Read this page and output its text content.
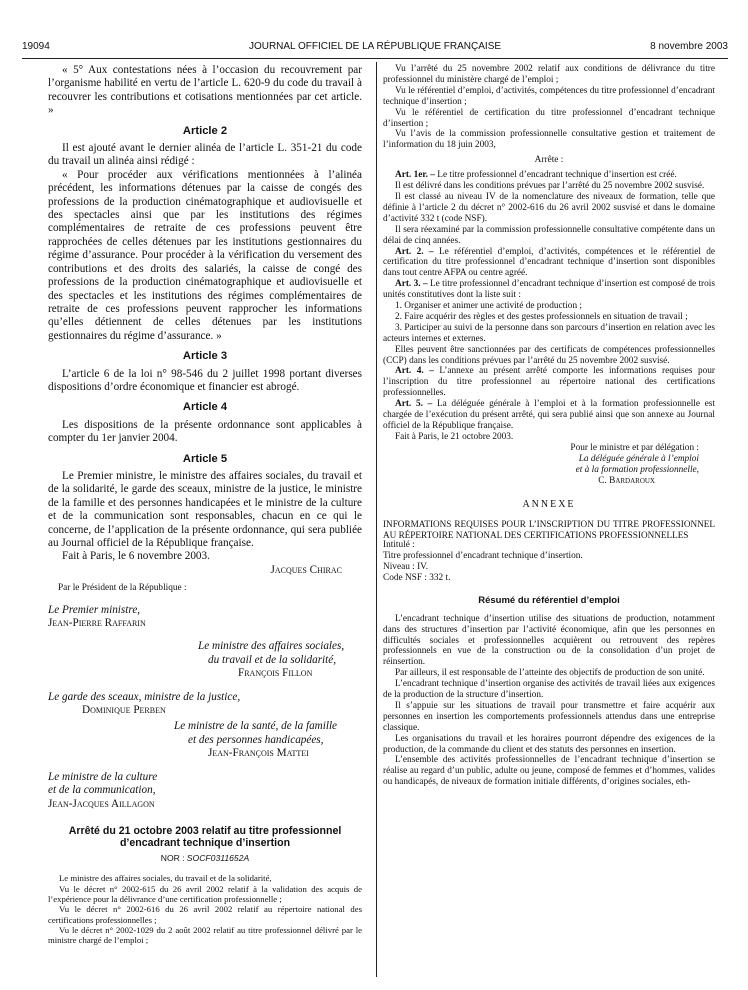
19094	JOURNAL OFFICIEL DE LA RÉPUBLIQUE FRANÇAISE	8 novembre 2003

« 5° Aux contestations nées à l’occasion du recouvrement par l’organisme habilité en vertu de l’article L. 620-9 du code du travail à recouvrer les contributions et cotisations mentionnées par cet article. »

Article 2

Il est ajouté avant le dernier alinéa de l’article L. 351-21 du code du travail un alinéa ainsi rédigé :

« Pour procéder aux vérifications mentionnées à l’alinéa précédent, les informations détenues par la caisse de congés des professions de la production cinématographique et audiovisuelle et des spectacles ainsi que par les institutions des régimes complémentaires de retraite de ces professions peuvent être rapprochées de celles détenues par les institutions gestionnaires du régime d’assurance. Pour procéder à la vérification du versement des contributions et des droits des salariés, la caisse de congé des professions de la production cinématographique et audiovisuelle et des spectacles et les institutions des régimes complémentaires de retraite de ces professions peuvent rapprocher les informations qu’elles détiennent de celles détenues par les institutions gestionnaires du régime d’assurance. »

Article 3

L’article 6 de la loi n° 98-546 du 2 juillet 1998 portant diverses dispositions d’ordre économique et financier est abrogé.

Article 4

Les dispositions de la présente ordonnance sont applicables à compter du 1er janvier 2004.

Article 5

Le Premier ministre, le ministre des affaires sociales, du travail et de la solidarité, le garde des sceaux, ministre de la justice, le ministre de la famille et des personnes handicapées et le ministre de la culture et de la communication sont responsables, chacun en ce qui le concerne, de l’application de la présente ordonnance, qui sera publiée au Journal officiel de la République française.

Fait à Paris, le 6 novembre 2003.

Jacques Chirac
Par le Président de la République :
Le Premier ministre,
Jean-Pierre Raffarin
Le ministre des affaires sociales,
du travail et de la solidarité,
François Fillon
Le garde des sceaux, ministre de la justice,
Dominique Perben
Le ministre de la santé, de la famille
et des personnes handicapées,
Jean-François Mattei
Le ministre de la culture
et de la communication,
Jean-Jacques Aillagon
Arrêté du 21 octobre 2003 relatif au titre professionnel d’encadrant technique d’insertion
NOR : SOCF0311652A

Le ministre des affaires sociales, du travail et de la solidarité,

Vu le décret n° 2002-615 du 26 avril 2002 relatif à la validation des acquis de l’expérience pour la délivrance d’une certification professionnelle ;

Vu le décret n° 2002-616 du 26 avril 2002 relatif au répertoire national des certifications professionnelles ;

Vu le décret n° 2002-1029 du 2 août 2002 relatif au titre professionnel délivré par le ministre chargé de l’emploi ;

Vu l’arrêté du 25 novembre 2002 relatif aux conditions de délivrance du titre professionnel du ministère chargé de l’emploi ;

Vu le référentiel d’emploi, d’activités, compétences du titre professionnel d’encadrant technique d’insertion ;

Vu le référentiel de certification du titre professionnel d’encadrant technique d’insertion ;

Vu l’avis de la commission professionnelle consultative gestion et traitement de l’information du 18 juin 2003,

Arrête :

Art. 1er. – Le titre professionnel d’encadrant technique d’insertion est créé.

Il est délivré dans les conditions prévues par l’arrêté du 25 novembre 2002 susvisé.

Il est classé au niveau IV de la nomenclature des niveaux de formation, telle que définie à l’article 2 du décret n° 2002-616 du 26 avril 2002 susvisé et dans le domaine d’activité 332 t (code NSF).

Il sera réexaminé par la commission professionnelle consultative compétente dans un délai de cinq années.

Art. 2. – Le référentiel d’emploi, d’activités, compétences et le référentiel de certification du titre professionnel d’encadrant technique d’insertion sont disponibles dans tout centre AFPA ou centre agréé.

Art. 3. – Le titre professionnel d’encadrant technique d’insertion est composé de trois unités constitutives dont la liste suit :

1. Organiser et animer une activité de production ;

2. Faire acquérir des règles et des gestes professionnels en situation de travail ;

3. Participer au suivi de la personne dans son parcours d’insertion en relation avec les acteurs internes et externes.

Elles peuvent être sanctionnées par des certificats de compétences professionnelles (CCP) dans les conditions prévues par l’arrêté du 25 novembre 2002 susvisé.

Art. 4. – L’annexe au présent arrêté comporte les informations requises pour l’inscription du titre professionnel au répertoire national des certifications professionnelles.

Art. 5. – La déléguée générale à l’emploi et à la formation professionnelle est chargée de l’exécution du présent arrêté, qui sera publié ainsi que son annexe au Journal officiel de la République française.

Fait à Paris, le 21 octobre 2003.

Pour le ministre et par délégation :
La déléguée générale à l’emploi
et à la formation professionnelle,
C. Bardaroux
ANNEXE

INFORMATIONS REQUISES POUR L’INSCRIPTION DU TITRE PROFESSIONNEL AU RÉPERTOIRE NATIONAL DES CERTIFICATIONS PROFESSIONNELLES

Intitulé :

Titre professionnel d’encadrant technique d’insertion.

Niveau : IV.

Code NSF : 332 t.

Résumé du référentiel d’emploi

L’encadrant technique d’insertion utilise des situations de production, notamment dans des structures d’insertion par l’activité économique, afin que les personnes en difficultés sociales et professionnelles acquièrent ou retrouvent des repères professionnels en vue de la construction ou de la consolidation d’un projet de réinsertion.

Par ailleurs, il est responsable de l’atteinte des objectifs de production de son unité.

L’encadrant technique d’insertion organise des activités de travail liées aux exigences de la production de la structure d’insertion.

Il s’appuie sur les situations de travail pour transmettre et faire acquérir aux personnes en insertion les comportements professionnels attendus dans une entreprise classique.

Les organisations du travail et les horaires pourront dépendre des exigences de la production, de la commande du client et des statuts des personnes en insertion.

L’ensemble des activités professionnelles de l’encadrant technique d’insertion se réalise au regard d’un public, adulte ou jeune, composé de femmes et d’hommes, valides ou handicapés, de niveaux de formation initiale différents, d’origines sociales, eth-
